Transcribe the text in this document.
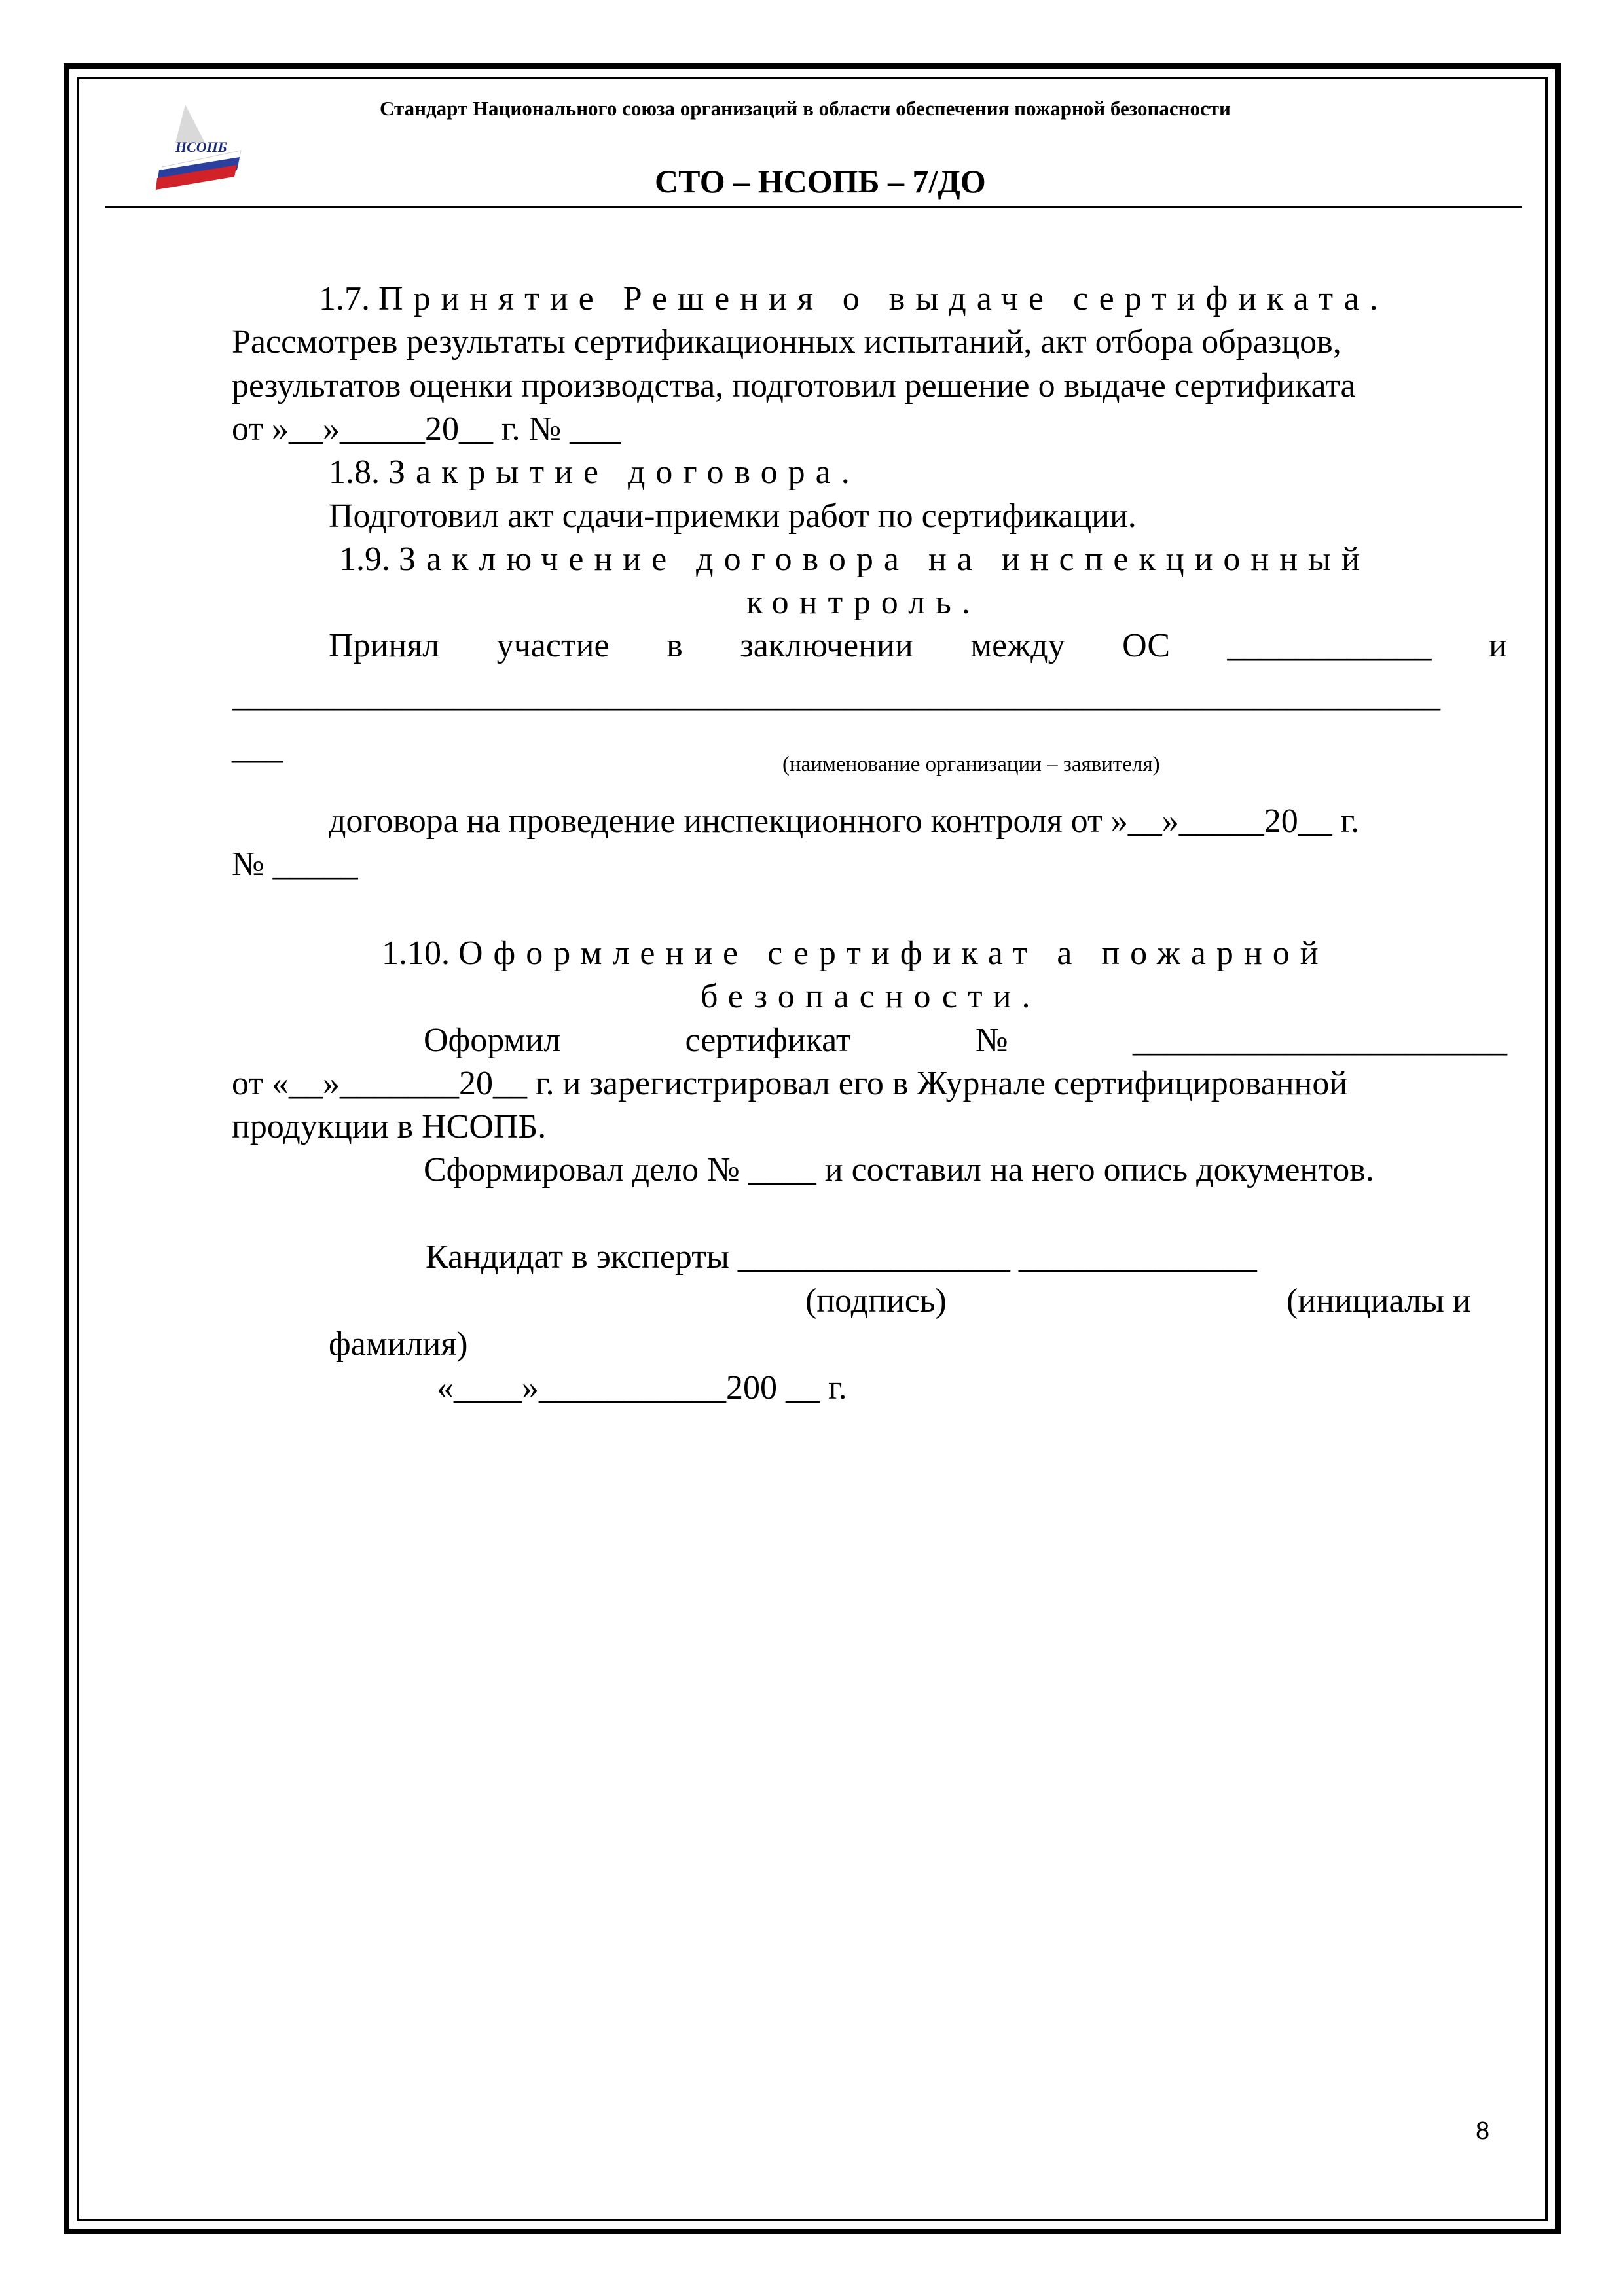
НСОПБ
Стандарт Национального союза организаций в области обеспечения пожарной безопасности
СТО – НСОПБ – 7/ДО
1.7. Принятие Решения о выдаче сертификата.
Рассмотрев результаты сертификационных испытаний, акт отбора образцов,
результатов оценки производства, подготовил решение о выдаче сертификата
от »__»_____20__ г. № ___
1.8. Закрытие договора.
Подготовил акт сдачи-приемки работ по сертификации.
1.9. Заключение договора на инспекционный
контроль.
Принял участие в заключении между ОС ____________ и
_______________________________________________________________________
___	(наименование организации – заявителя)
договора на проведение инспекционного контроля от »__»_____20__ г.
№ _____
1.10. Оформление сертификат а пожарной
безопасности.
Оформил	сертификат	№	______________________
от «__»_______20__ г. и зарегистрировал его в Журнале сертифицированной
продукции в НСОПБ.
Сформировал дело № ____ и составил на него опись документов.
Кандидат в эксперты ________________ ______________
(подпись)	(инициалы и
фамилия)
«____»___________200 __ г.
8
